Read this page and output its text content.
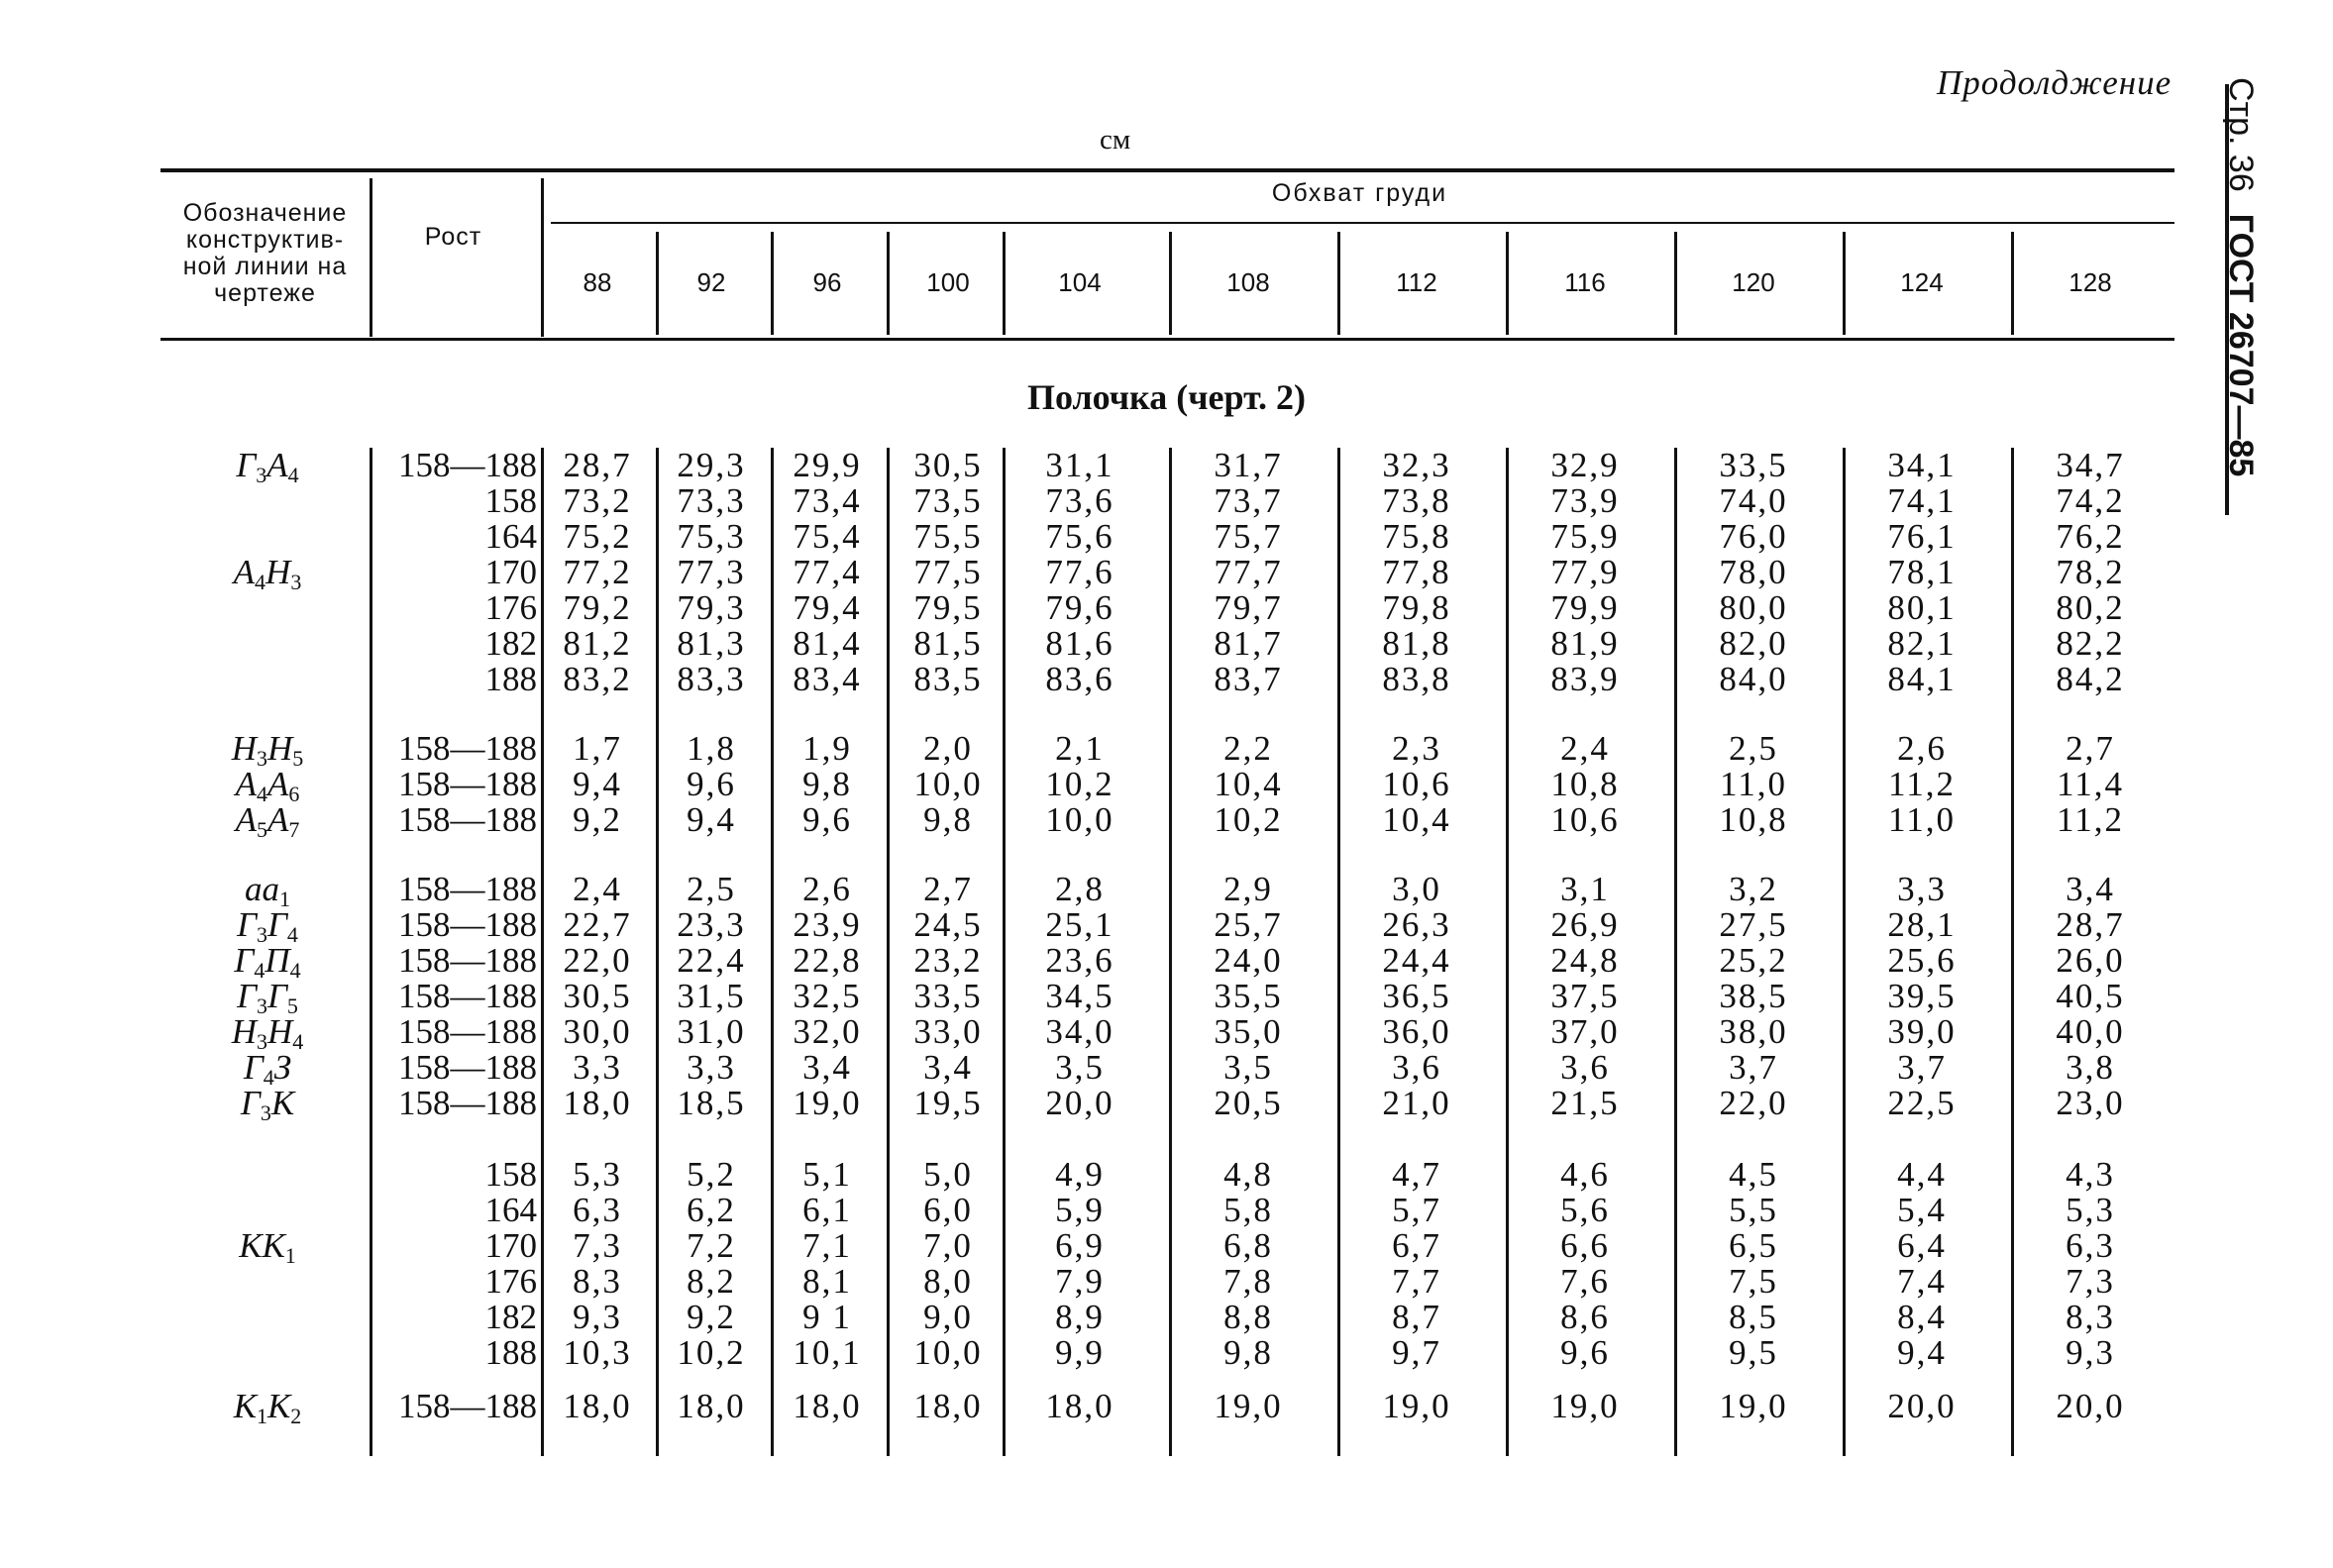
Продолджение
см	Стр. 36ГОСТ 26707—85
Обозначение конструктив- ной линии на чертеже
Рост
Обхват груди
88	92	96	100	104	108	112	116	120	124	128
Полочка (черт. 2)
$Г_3А_4$	158—188 28,7	29,3	29,9	30,5	31,1	31,7	32,3	32,9	33,5	34,1	34,7
158 73,2	73,3	73,4	73,5	73,6	73,7	73,8	73,9	74,0	74,1	74,2
164 75,2	75,3	75,4	75,5	75,6	75,7	75,8	75,9	76,0	76,1	76,2
$А_4Н_3$	170 77,2	77,3	77,4	77,5	77,6	77,7	77,8	77,9	78,0	78,1	78,2
176 79,2	79,3	79,4	79,5	79,6	79,7	79,8	79,9	80,0	80,1	80,2
182 81,2	81,3	81,4	81,5	81,6	81,7	81,8	81,9	82,0	82,1	82,2
188 83,2	83,3	83,4	83,5	83,6	83,7	83,8	83,9	84,0	84,1	84,2
$Н_3Н_5$	158—188	1,7	1,8	1,9	2,0	2,1	2,2	2,3	2,4	2,5	2,6	2,7
$А_4А_6$	158—188	9,4	9,6	9,8	10,0	10,2	10,4	10,6	10,8	11,0	11,2	11,4
$А_5А_7$	158—188	9,2	9,4	9,6	9,8	10,0	10,2	10,4	10,6	10,8	11,0	11,2
$аа_1$	158—188	2,4	2,5	2,6	2,7	2,8	2,9	3,0	3,1	3,2	3,3	3,4
$Г_3Г_4$	158—188 22,7	23,3	23,9	24,5	25,1	25,7	26,3	26,9	27,5	28,1	28,7
$Г_4П_4$	158—188 22,0	22,4	22,8	23,2	23,6	24,0	24,4	24,8	25,2	25,6	26,0
$Г_3Г_5$	158—188 30,5	31,5	32,5	33,5	34,5	35,5	36,5	37,5	38,5	39,5	40,5
$Н_3Н_4$	158—188 30,0	31,0	32,0	33,0	34,0	35,0	36,0	37,0	38,0	39,0	40,0
$Г_4З$	158—188	3,3	3,3	3,4	3,4	3,5	3,5	3,6	3,6	3,7	3,7	3,8
$Г_3К$	158—188 18,0	18,5	19,0	19,5	20,0	20,5	21,0	21,5	22,0	22,5	23,0
158	5,3	5,2	5,1	5,0	4,9	4,8	4,7	4,6	4,5	4,4	4,3
164	6,3	6,2	6,1	6,0	5,9	5,8	5,7	5,6	5,5	5,4	5,3
$КК_1$	170	7,3	7,2	7,1	7,0	6,9	6,8	6,7	6,6	6,5	6,4	6,3
176	8,3	8,2	8,1	8,0	7,9	7,8	7,7	7,6	7,5	7,4	7,3
182	9,3	9,2	9 1	9,0	8,9	8,8	8,7	8,6	8,5	8,4	8,3
188 10,3	10,2	10,1	10,0	9,9	9,8	9,7	9,6	9,5	9,4	9,3
$К_1К_2$	158—188 18,0	18,0	18,0	18,0	18,0	19,0	19,0	19,0	19,0	20,0	20,0
